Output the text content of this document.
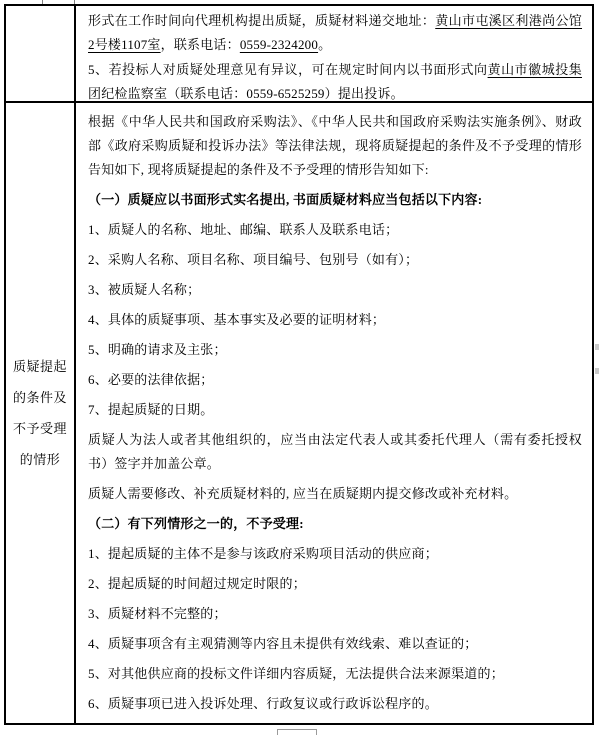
形式在工作时间向代理机构提出质疑，质疑材料递交地址：黄山市屯溪区利港尚公馆2号楼1107室，联系电话：0559-2324200。

5、若投标人对质疑处理意见有异议，可在规定时间内以书面形式向黄山市徽城投集团纪检监察室（联系电话：0559-6525259）提出投诉。

质疑提起的条件及不予受理的情形

根据《中华人民共和国政府采购法》、《中华人民共和国政府采购法实施条例》、财政部《政府采购质疑和投诉办法》等法律法规，现将质疑提起的条件及不予受理的情形告知如下, 现将质疑提起的条件及不予受理的情形告知如下:

（一）质疑应以书面形式实名提出, 书面质疑材料应当包括以下内容:

1、质疑人的名称、地址、邮编、联系人及联系电话；

2、采购人名称、项目名称、项目编号、包别号（如有）；

3、被质疑人名称；

4、具体的质疑事项、基本事实及必要的证明材料；

5、明确的请求及主张；

6、必要的法律依据；

7、提起质疑的日期。

质疑人为法人或者其他组织的，应当由法定代表人或其委托代理人（需有委托授权书）签字并加盖公章。

质疑人需要修改、补充质疑材料的, 应当在质疑期内提交修改或补充材料。

（二）有下列情形之一的，不予受理:

1、提起质疑的主体不是参与该政府采购项目活动的供应商；

2、提起质疑的时间超过规定时限的；

3、质疑材料不完整的；

4、质疑事项含有主观猜测等内容且未提供有效线索、难以查证的；

5、对其他供应商的投标文件详细内容质疑，无法提供合法来源渠道的；

6、质疑事项已进入投诉处理、行政复议或行政诉讼程序的。
